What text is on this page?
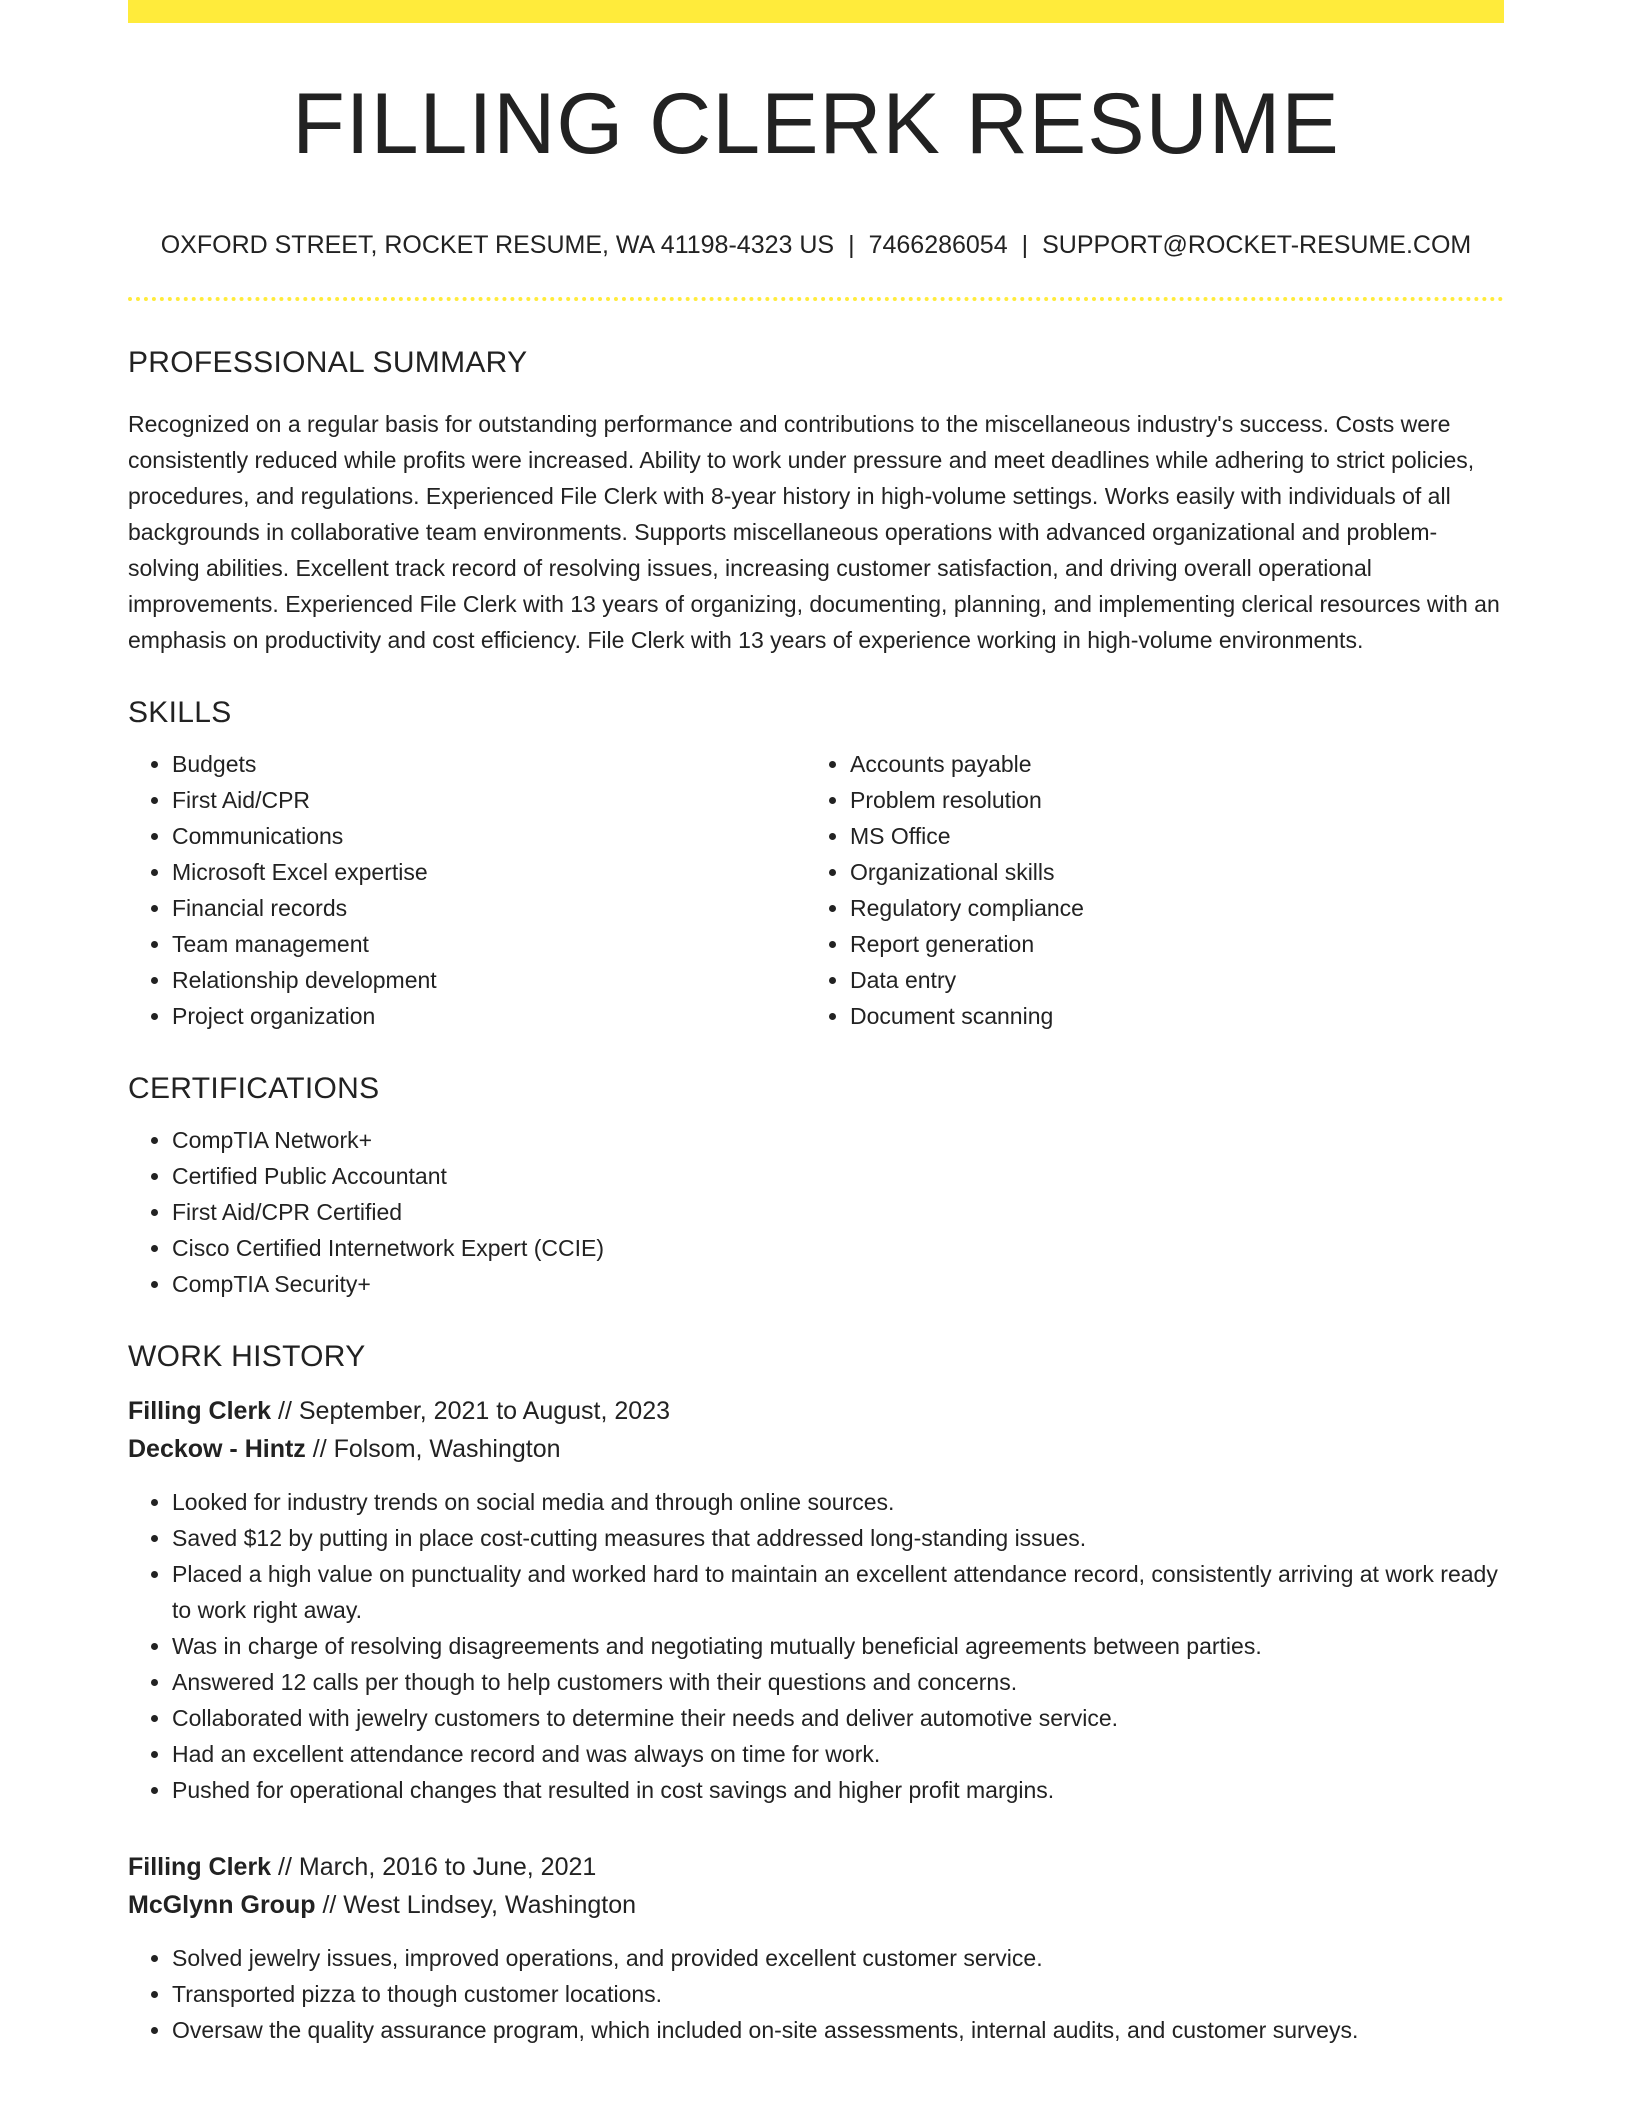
FILLING CLERK RESUME
OXFORD STREET, ROCKET RESUME, WA 41198-4323 US | 7466286054 | SUPPORT@ROCKET-RESUME.COM
PROFESSIONAL SUMMARY

Recognized on a regular basis for outstanding performance and contributions to the miscellaneous industry's success. Costs were consistently reduced while profits were increased. Ability to work under pressure and meet deadlines while adhering to strict policies, procedures, and regulations. Experienced File Clerk with 8-year history in high-volume settings. Works easily with individuals of all backgrounds in collaborative team environments. Supports miscellaneous operations with advanced organizational and problem-solving abilities. Excellent track record of resolving issues, increasing customer satisfaction, and driving overall operational improvements. Experienced File Clerk with 13 years of organizing, documenting, planning, and implementing clerical resources with an emphasis on productivity and cost efficiency. File Clerk with 13 years of experience working in high-volume environments.

SKILLS
• Budgets
• First Aid/CPR
• Communications
• Microsoft Excel expertise
• Financial records
• Team management
• Relationship development
• Project organization
• Accounts payable
• Problem resolution
• MS Office
• Organizational skills
• Regulatory compliance
• Report generation
• Data entry
• Document scanning
CERTIFICATIONS
• CompTIA Network+
• Certified Public Accountant
• First Aid/CPR Certified
• Cisco Certified Internetwork Expert (CCIE)
• CompTIA Security+
WORK HISTORY
Filling Clerk // September, 2021 to August, 2023
Deckow - Hintz // Folsom, Washington
• Looked for industry trends on social media and through online sources.
• Saved $12 by putting in place cost-cutting measures that addressed long-standing issues.
• Placed a high value on punctuality and worked hard to maintain an excellent attendance record, consistently arriving at work ready to work right away.
• Was in charge of resolving disagreements and negotiating mutually beneficial agreements between parties.
• Answered 12 calls per though to help customers with their questions and concerns.
• Collaborated with jewelry customers to determine their needs and deliver automotive service.
• Had an excellent attendance record and was always on time for work.
• Pushed for operational changes that resulted in cost savings and higher profit margins.
Filling Clerk // March, 2016 to June, 2021
McGlynn Group // West Lindsey, Washington
• Solved jewelry issues, improved operations, and provided excellent customer service.
• Transported pizza to though customer locations.
• Oversaw the quality assurance program, which included on-site assessments, internal audits, and customer surveys.
